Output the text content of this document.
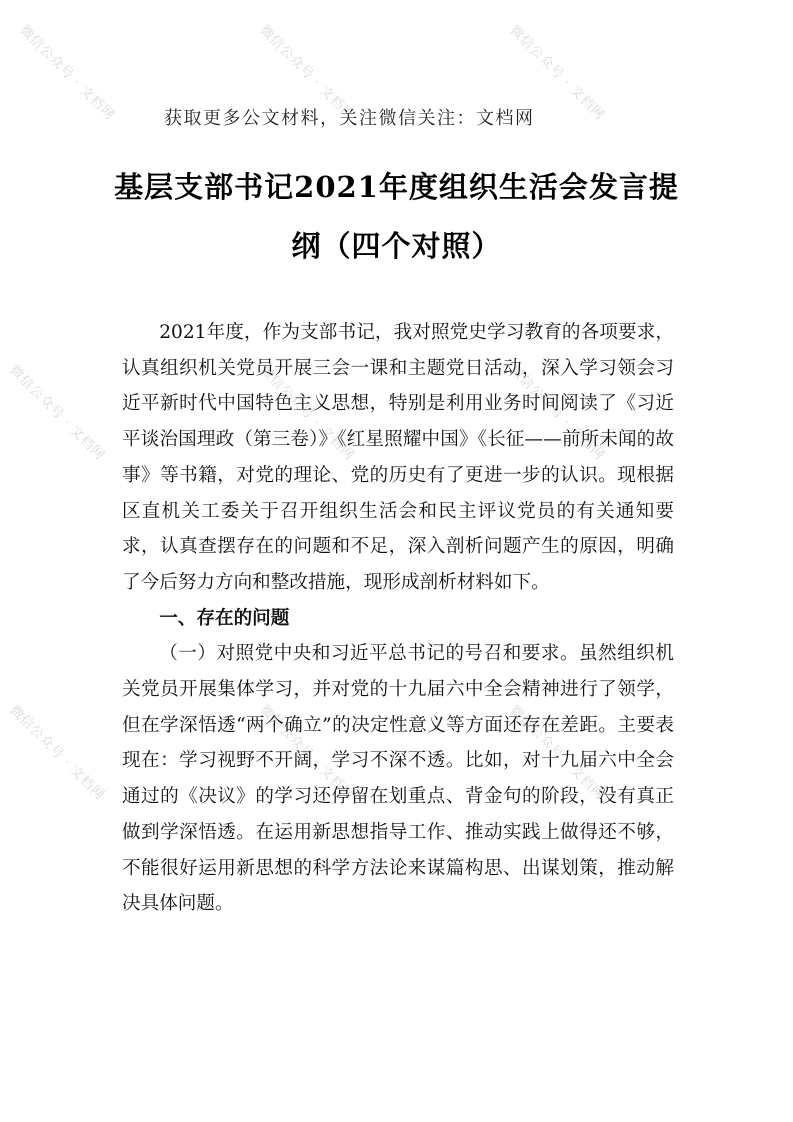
微信公众号 · 文档网	微信公众号 · 文档网	微信公众号 · 文档网
微信公众号 · 文档网	微信公众号 · 文档网	微信公众号 · 文档网
微信公众号 · 文档网	微信公众号 · 文档网	微信公众号 · 文档网
获取更多公文材料，关注微信关注：文档网
基层支部书记2021年度组织生活会发言提
纲（四个对照）

2021年度，作为支部书记，我对照党史学习教育的各项要求，认真组织机关党员开展三会一课和主题党日活动，深入学习领会习近平新时代中国特色主义思想，特别是利用业务时间阅读了《习近平谈治国理政（第三卷）》《红星照耀中国》《长征——前所未闻的故事》等书籍，对党的理论、党的历史有了更进一步的认识。现根据区直机关工委关于召开组织生活会和民主评议党员的有关通知要求，认真查摆存在的问题和不足，深入剖析问题产生的原因，明确了今后努力方向和整改措施，现形成剖析材料如下。

一、存在的问题

（一）对照党中央和习近平总书记的号召和要求。虽然组织机关党员开展集体学习，并对党的十九届六中全会精神进行了领学，但在学深悟透“两个确立”的决定性意义等方面还存在差距。主要表现在：学习视野不开阔，学习不深不透。比如，对十九届六中全会通过的《决议》的学习还停留在划重点、背金句的阶段，没有真正做到学深悟透。在运用新思想指导工作、推动实践上做得还不够，不能很好运用新思想的科学方法论来谋篇构思、出谋划策，推动解决具体问题。
